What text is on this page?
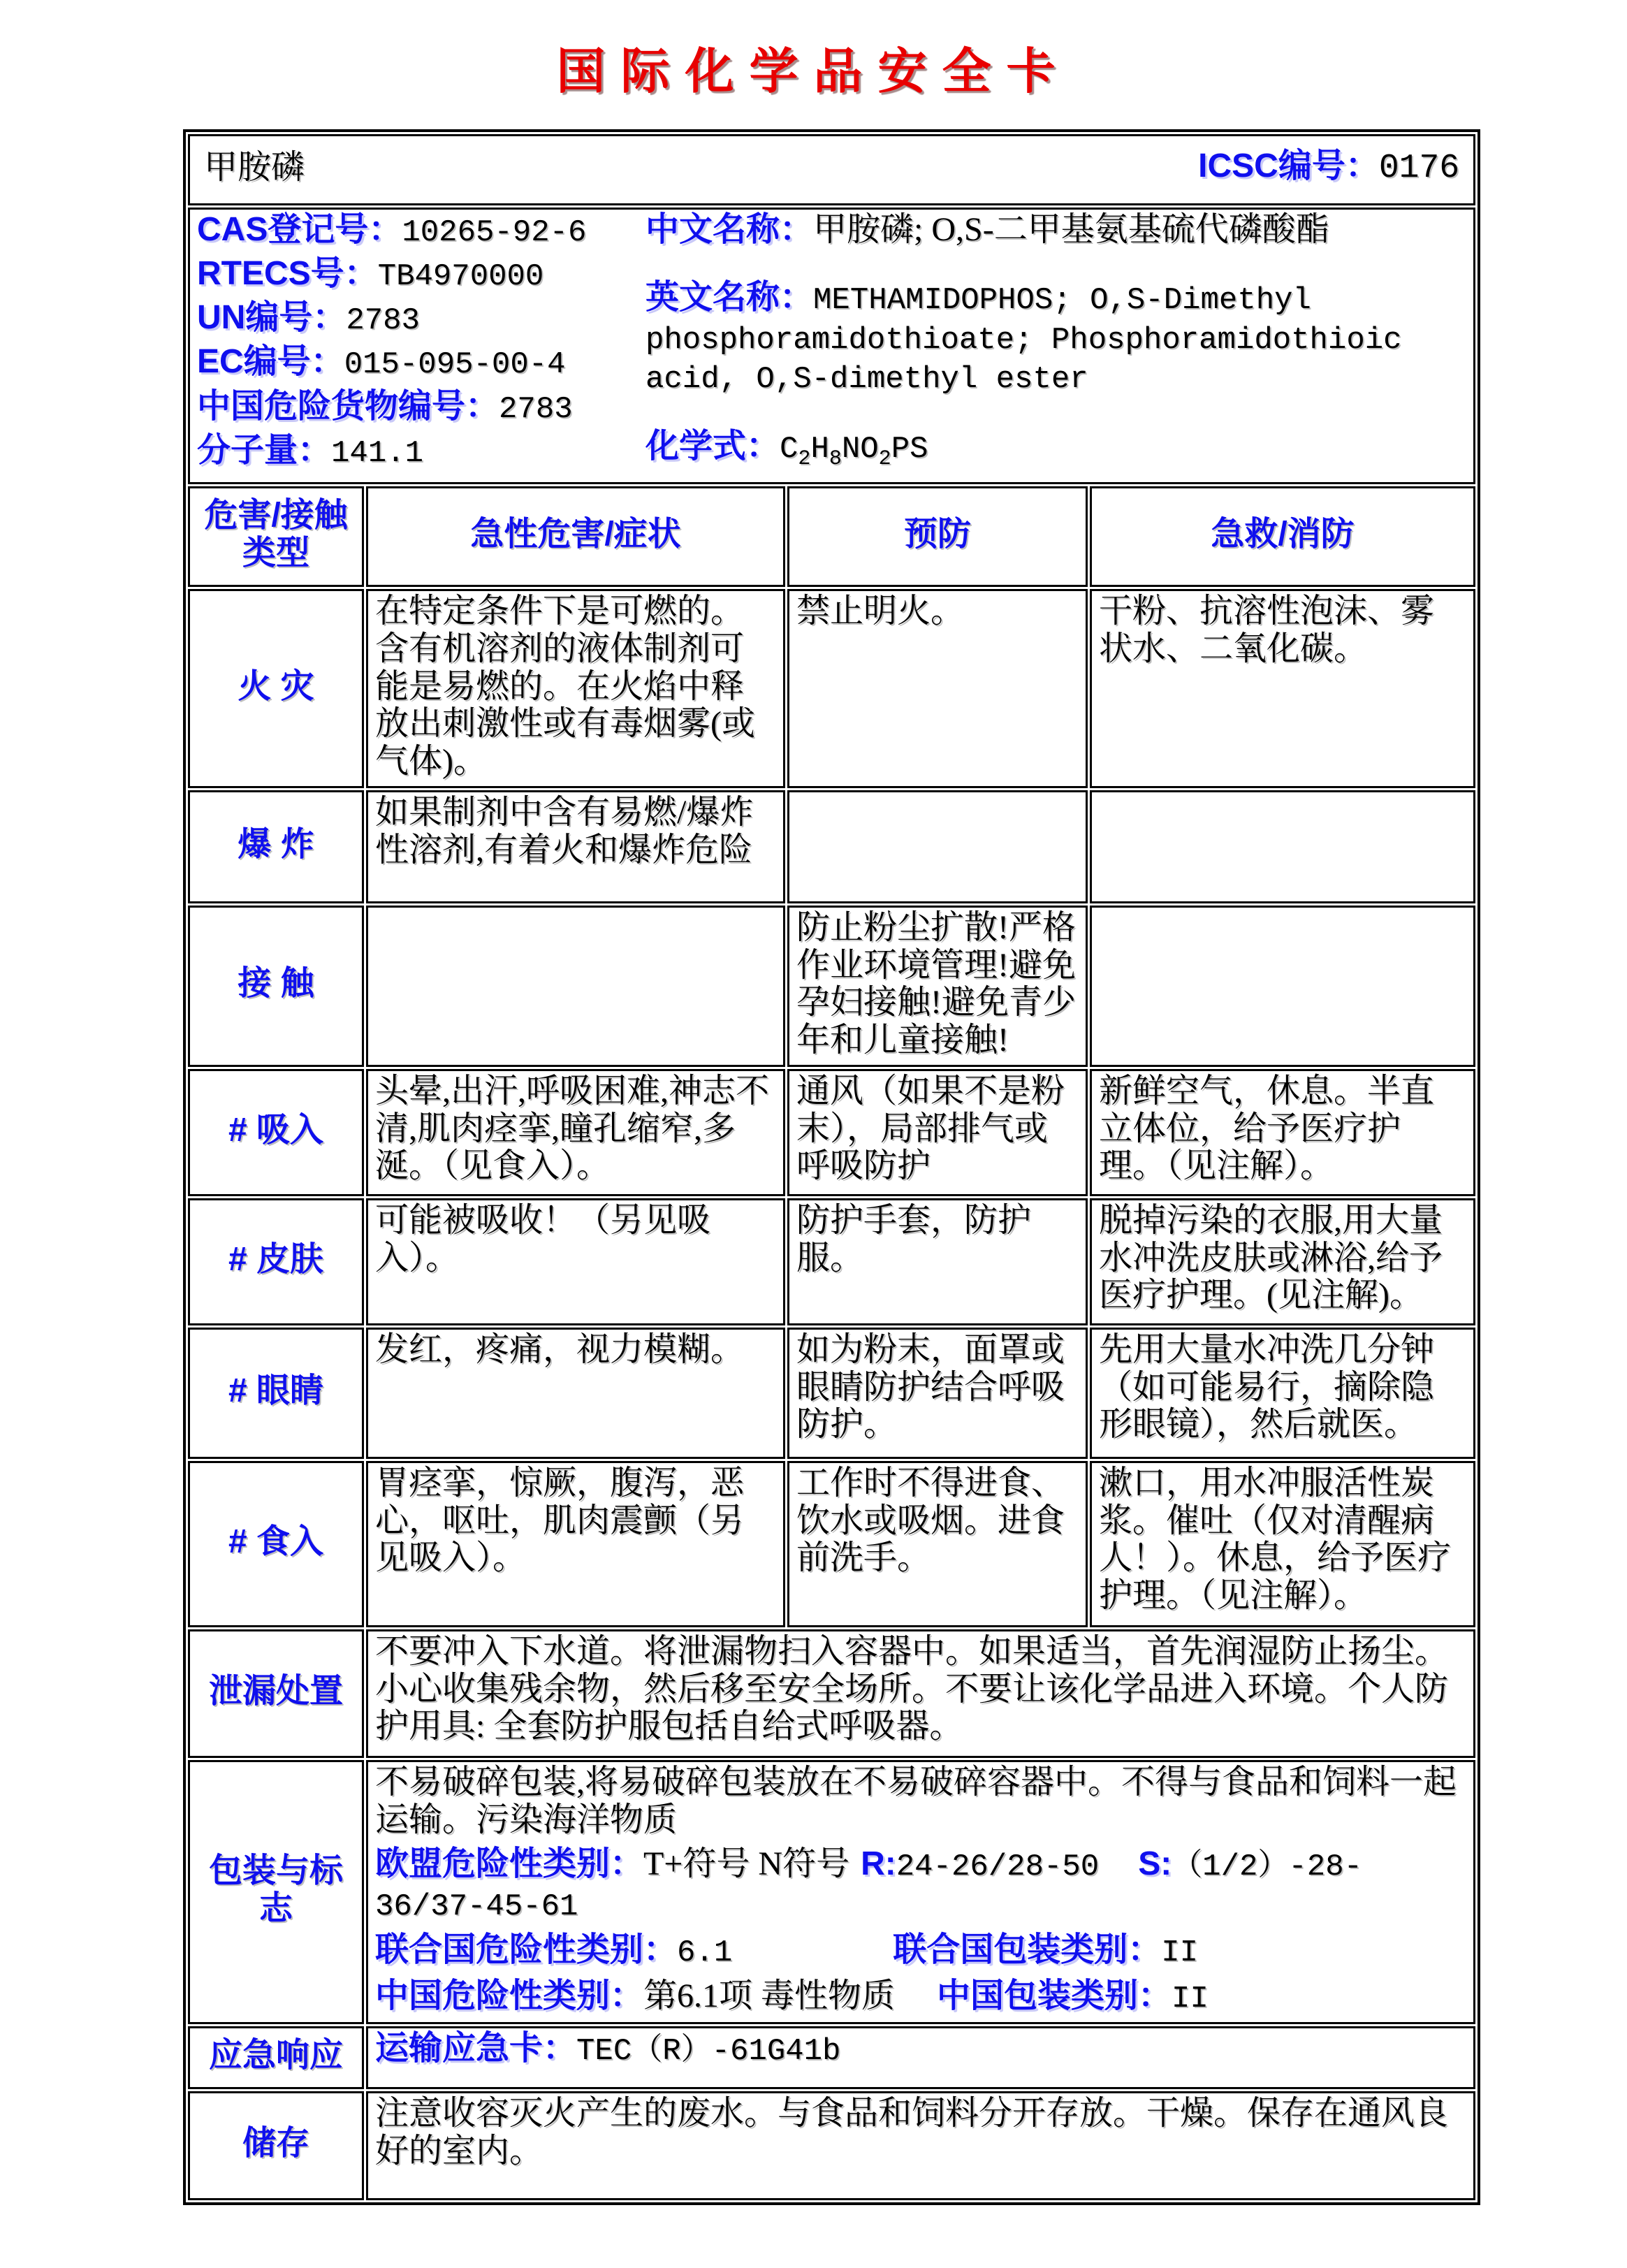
国际化学品安全卡
甲胺磷 ICSC编号：0176			

CAS登记号：10265-92-6
RTECS号：TB4970000
UN编号：2783
EC编号：015-095-00-4
中国危险货物编号：2783
分子量：141.1
中文名称：甲胺磷; O,S-二甲基氨基硫代磷酸酯
英文名称：METHAMIDOPHOS; O,S-Dimethyl phosphoramidothioate; Phosphoramidothioic acid, O,S-dimethyl ester
化学式：$C_2H_8NO_2PS$

危害/接触类型	急性危害/症状	预防	急救/消防
火 灾	在特定条件下是可燃的。含有机溶剂的液体制剂可能是易燃的。在火焰中释放出刺激性或有毒烟雾(或气体)。	禁止明火。	干粉、抗溶性泡沫、雾状水、二氧化碳。
爆 炸	如果制剂中含有易燃/爆炸性溶剂,有着火和爆炸危险		
接 触		防止粉尘扩散!严格作业环境管理!避免孕妇接触!避免青少年和儿童接触!	
# 吸入	头晕,出汗,呼吸困难,神志不清,肌肉痉挛,瞳孔缩窄,多涎。（见食入）。	通风（如果不是粉末），局部排气或呼吸防护	新鲜空气，休息。半直立体位，给予医疗护理。（见注解）。
# 皮肤	可能被吸收！（另见吸入）。	防护手套，防护服。	脱掉污染的衣服,用大量水冲洗皮肤或淋浴,给予医疗护理。(见注解)。
# 眼睛	发红，疼痛，视力模糊。	如为粉末，面罩或眼睛防护结合呼吸防护。	先用大量水冲洗几分钟（如可能易行，摘除隐形眼镜），然后就医。
# 食入	胃痉挛，惊厥，腹泻，恶心，呕吐，肌肉震颤（另见吸入）。	工作时不得进食、饮水或吸烟。进食前洗手。	漱口，用水冲服活性炭浆。催吐（仅对清醒病人！）。休息，给予医疗护理。（见注解）。
泄漏处置	不要冲入下水道。将泄漏物扫入容器中。如果适当，首先润湿防止扬尘。小心收集残余物，然后移至安全场所。不要让该化学品进入环境。个人防护用具: 全套防护服包括自给式呼吸器。		
包装与标志	不易破碎包装,将易破碎包装放在不易破碎容器中。不得与食品和饲料一起运输。污染海洋物质
欧盟危险性类别：T+符号 N符号 R:24-26/28-50 S:（1/2）-28-36/37-45-61
联合国危险性类别：6.1 联合国包装类别：II
中国危险性类别：第6.1项 毒性物质 中国包装类别：II		

应急响应	运输应急卡：TEC（R）-61G41b		
储存	注意收容灭火产生的废水。与食品和饲料分开存放。干燥。保存在通风良好的室内。		
